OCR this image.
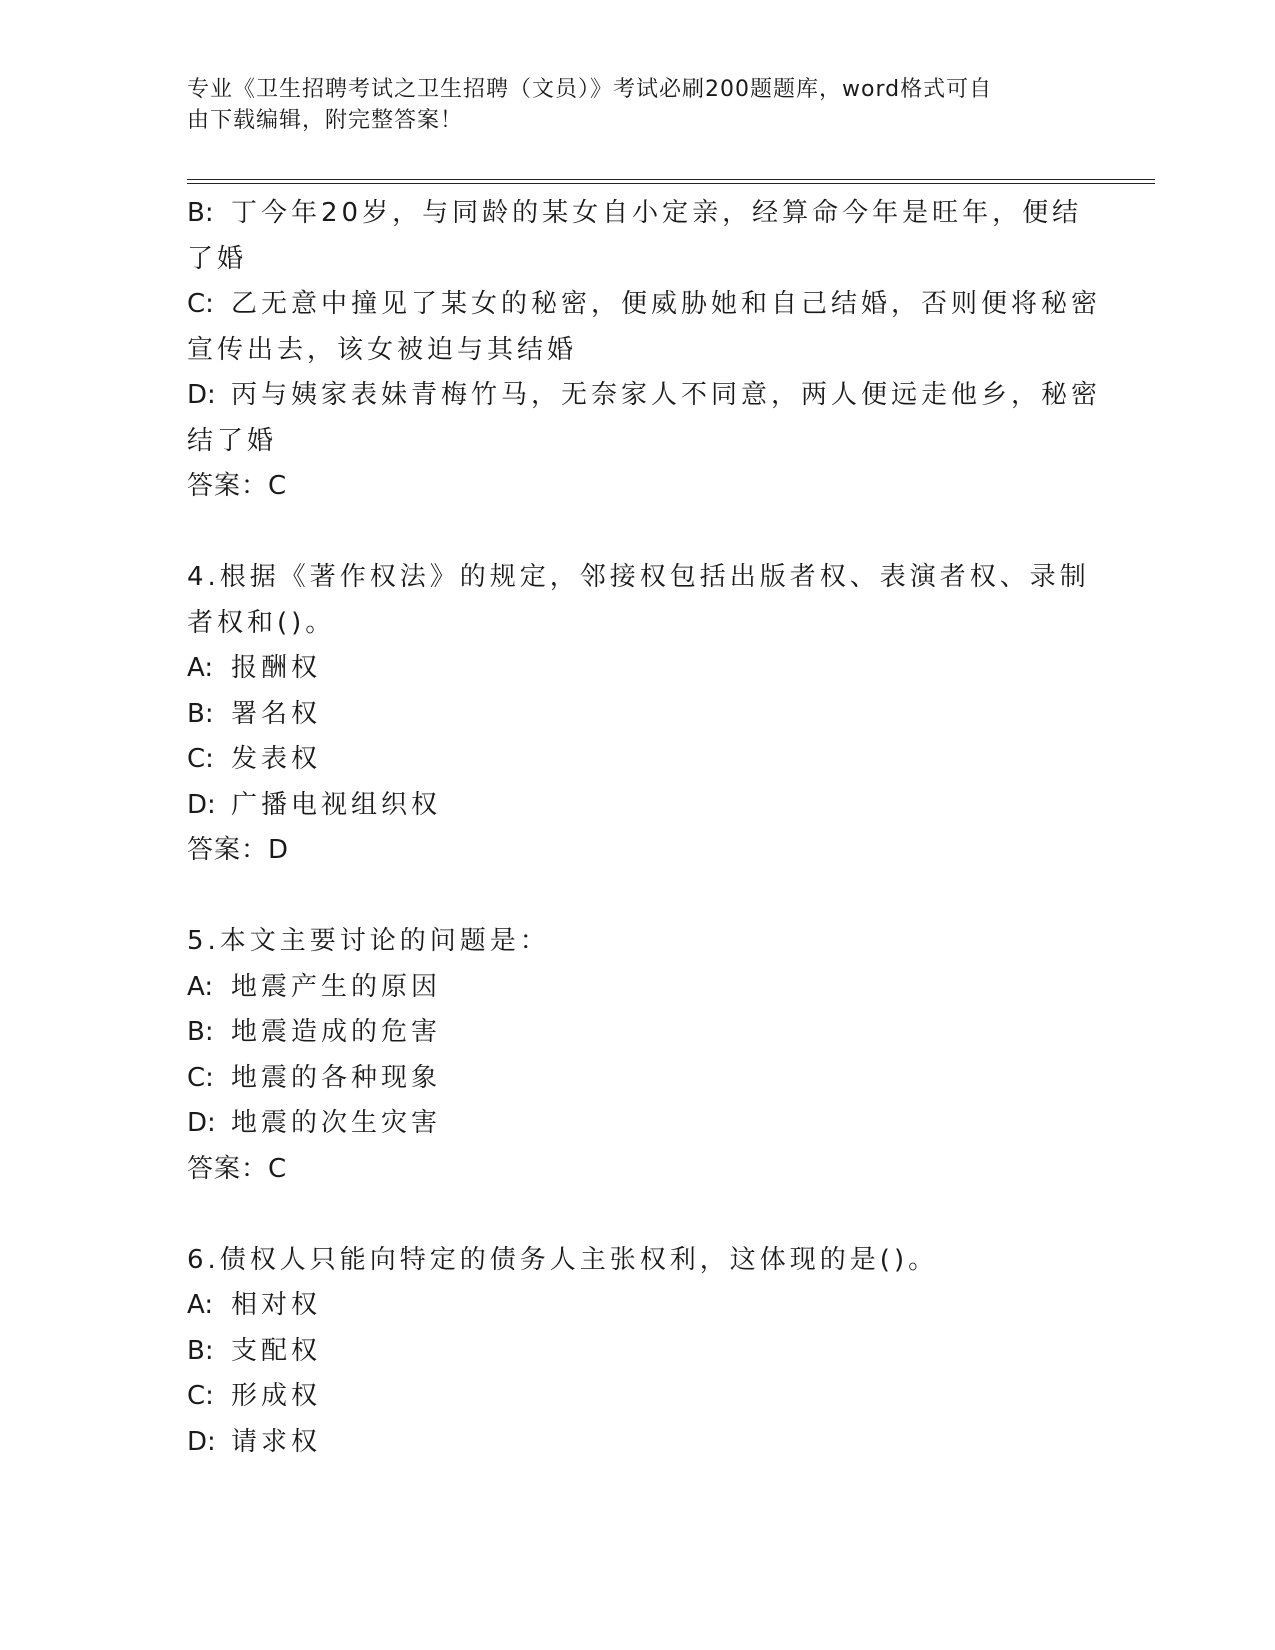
专业《卫生招聘考试之卫生招聘（文员）》考试必刷200题题库，word格式可自
由下载编辑，附完整答案！
B: 丁今年20岁，与同龄的某女自小定亲，经算命今年是旺年，便结
了婚
C: 乙无意中撞见了某女的秘密，便威胁她和自己结婚，否则便将秘密
宣传出去，该女被迫与其结婚
D: 丙与姨家表妹青梅竹马，无奈家人不同意，两人便远走他乡，秘密
结了婚
答案：C
4.根据《著作权法》的规定，邻接权包括出版者权、表演者权、录制
者权和()。
A: 报酬权
B: 署名权
C: 发表权
D: 广播电视组织权
答案：D
5.本文主要讨论的问题是：
A: 地震产生的原因
B: 地震造成的危害
C: 地震的各种现象
D: 地震的次生灾害
答案：C
6.债权人只能向特定的债务人主张权利，这体现的是()。
A: 相对权
B: 支配权
C: 形成权
D: 请求权
